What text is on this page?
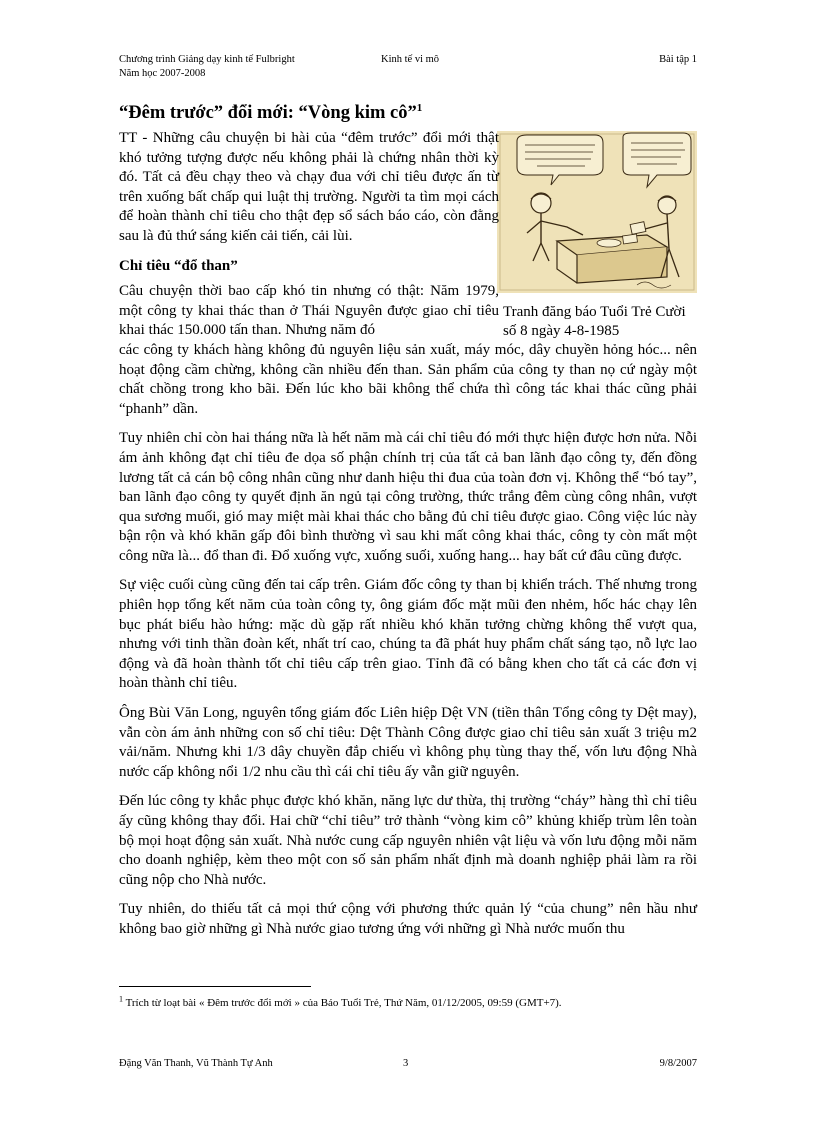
Chương trình Giảng dạy kinh tế Fulbright	Kinh tế vi mô	Bài tập 1
Năm học 2007-2008
“Đêm trước” đổi mới: “Vòng kim cô”$^1$
Tranh đăng báo Tuổi Trẻ Cười số 8 ngày 4-8-1985

TT - Những câu chuyện bi hài của “đêm trước” đổi mới thật khó tưởng tượng được nếu không phải là chứng nhân thời kỳ đó. Tất cả đều chạy theo và chạy đua với chỉ tiêu được ấn từ trên xuống bất chấp qui luật thị trường. Người ta tìm mọi cách để hoàn thành chỉ tiêu cho thật đẹp sổ sách báo cáo, còn đằng sau là đủ thứ sáng kiến cải tiến, cải lùi.

Chỉ tiêu “đổ than”

Câu chuyện thời bao cấp khó tin nhưng có thật: Năm 1979, một công ty khai thác than ở Thái Nguyên được giao chỉ tiêu khai thác 150.000 tấn than. Nhưng năm đó

các công ty khách hàng không đủ nguyên liệu sản xuất, máy móc, dây chuyền hỏng hóc... nên hoạt động cầm chừng, không cần nhiều đến than. Sản phẩm của công ty than nọ cứ ngày một chất chồng trong kho bãi. Đến lúc kho bãi không thể chứa thì công tác khai thác cũng phải “phanh” dần.

Tuy nhiên chỉ còn hai tháng nữa là hết năm mà cái chỉ tiêu đó mới thực hiện được hơn nửa. Nỗi ám ảnh không đạt chỉ tiêu đe dọa số phận chính trị của tất cả ban lãnh đạo công ty, đến đồng lương tất cả cán bộ công nhân cũng như danh hiệu thi đua của toàn đơn vị. Không thể “bó tay”, ban lãnh đạo công ty quyết định ăn ngủ tại công trường, thức trắng đêm cùng công nhân, vượt qua sương muối, gió may miệt mài khai thác cho bằng đủ chỉ tiêu được giao. Công việc lúc này bận rộn và khó khăn gấp đôi bình thường vì sau khi mất công khai thác, công ty còn mất một công nữa là... đổ than đi. Đổ xuống vực, xuống suối, xuống hang... hay bất cứ đâu cũng được.

Sự việc cuối cùng cũng đến tai cấp trên. Giám đốc công ty than bị khiển trách. Thế nhưng trong phiên họp tổng kết năm của toàn công ty, ông giám đốc mặt mũi đen nhẻm, hốc hác chạy lên bục phát biểu hào hứng: mặc dù gặp rất nhiều khó khăn tưởng chừng không thể vượt qua, nhưng với tinh thần đoàn kết, nhất trí cao, chúng ta đã phát huy phẩm chất sáng tạo, nỗ lực lao động và đã hoàn thành tốt chỉ tiêu cấp trên giao. Tỉnh đã có bằng khen cho tất cả các đơn vị hoàn thành chỉ tiêu.

Ông Bùi Văn Long, nguyên tổng giám đốc Liên hiệp Dệt VN (tiền thân Tổng công ty Dệt may), vẫn còn ám ảnh những con số chỉ tiêu: Dệt Thành Công được giao chỉ tiêu sản xuất 3 triệu m2 vải/năm. Nhưng khi 1/3 dây chuyền đắp chiếu vì không phụ tùng thay thế, vốn lưu động Nhà nước cấp không nổi 1/2 nhu cầu thì cái chỉ tiêu ấy vẫn giữ nguyên.

Đến lúc công ty khắc phục được khó khăn, năng lực dư thừa, thị trường “cháy” hàng thì chỉ tiêu ấy cũng không thay đổi. Hai chữ “chỉ tiêu” trở thành “vòng kim cô” khủng khiếp trùm lên toàn bộ mọi hoạt động sản xuất. Nhà nước cung cấp nguyên nhiên vật liệu và vốn lưu động mỗi năm cho doanh nghiệp, kèm theo một con số sản phẩm nhất định mà doanh nghiệp phải làm ra rồi cũng nộp cho Nhà nước.

Tuy nhiên, do thiếu tất cả mọi thứ cộng với phương thức quản lý “của chung” nên hầu như không bao giờ những gì Nhà nước giao tương ứng với những gì Nhà nước muốn thu

$^1$ Trích từ loạt bài « Đêm trước đổi mới » của Báo Tuổi Trẻ, Thứ Năm, 01/12/2005, 09:59 (GMT+7).
Đặng Văn Thanh, Vũ Thành Tự Anh	3	9/8/2007
